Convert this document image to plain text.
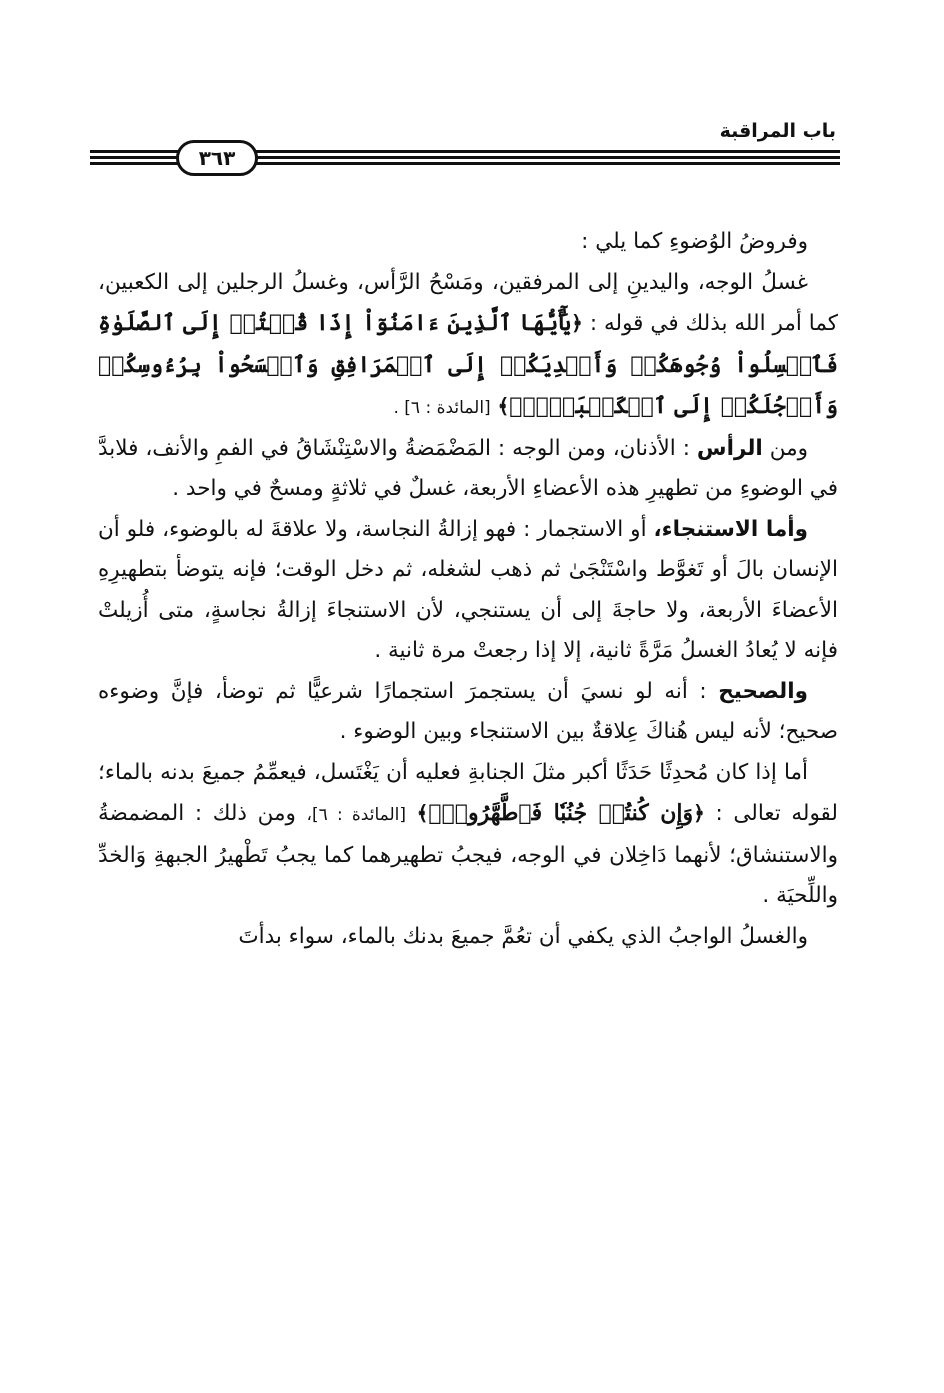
باب المراقبة
٣٦٣

وفروضُ الوُضوءِ كما يلي :

غسلُ الوجه، واليدينِ إلى المرفقين، ومَسْحُ الرَّأس، وغسلُ الرجلين إلى الكعبين، كما أمر الله بذلك في قوله : ﴿يَٰٓأَيُّهَا ٱلَّذِينَ ءَامَنُوٓاْ إِذَا قُمۡتُمۡ إِلَى ٱلصَّلَوٰةِ فَٱغۡسِلُواْ وُجُوهَكُمۡ وَأَيۡدِيَكُمۡ إِلَى ٱلۡمَرَافِقِ وَٱمۡسَحُواْ بِرُءُوسِكُمۡ وَأَرۡجُلَكُمۡ إِلَى ٱلۡكَعۡبَيۡنِۚ﴾ [المائدة : ٦] .

ومن الرأس : الأذنان، ومن الوجه : المَضْمَضةُ والاسْتِنْشَاقُ في الفمِ والأنف، فلابدَّ في الوضوءِ من تطهيرِ هذه الأعضاءِ الأربعة، غسلٌ في ثلاثةٍ ومسحٌ في واحد .

وأما الاستنجاء، أو الاستجمار : فهو إزالةُ النجاسة، ولا علاقةَ له بالوضوء، فلو أن الإنسان بالَ أو تَغوَّط واسْتَنْجَىٰ ثم ذهب لشغله، ثم دخل الوقت؛ فإنه يتوضأ بتطهيرِهِ الأعضاءَ الأربعة، ولا حاجةَ إلى أن يستنجي، لأن الاستنجاءَ إزالةُ نجاسةٍ، متى أُزيلتْ فإنه لا يُعادُ الغسلُ مَرَّةً ثانية، إلا إذا رجعتْ مرة ثانية .

والصحيح : أنه لو نسيَ أن يستجمرَ استجمارًا شرعيًّا ثم توضأ، فإنَّ وضوءه صحيح؛ لأنه ليس هُناكَ عِلاقةٌ بين الاستنجاء وبين الوضوء .

أما إذا كان مُحدِثًا حَدَثًا أكبر مثلَ الجنابةِ فعليه أن يَغْتَسل، فيعمِّمُ جميعَ بدنه بالماء؛ لقوله تعالى : ﴿وَإِن كُنتُمۡ جُنُبٗا فَٱطَّهَّرُواْۚ﴾ [المائدة : ٦]، ومن ذلك : المضمضةُ والاستنشاق؛ لأنهما دَاخِلان في الوجه، فيجبُ تطهيرهما كما يجبُ تَطْهيرُ الجبهةِ وَالخدِّ واللِّحيَة .

والغسلُ الواجبُ الذي يكفي أن تعُمَّ جميعَ بدنك بالماء، سواء بدأتَ
